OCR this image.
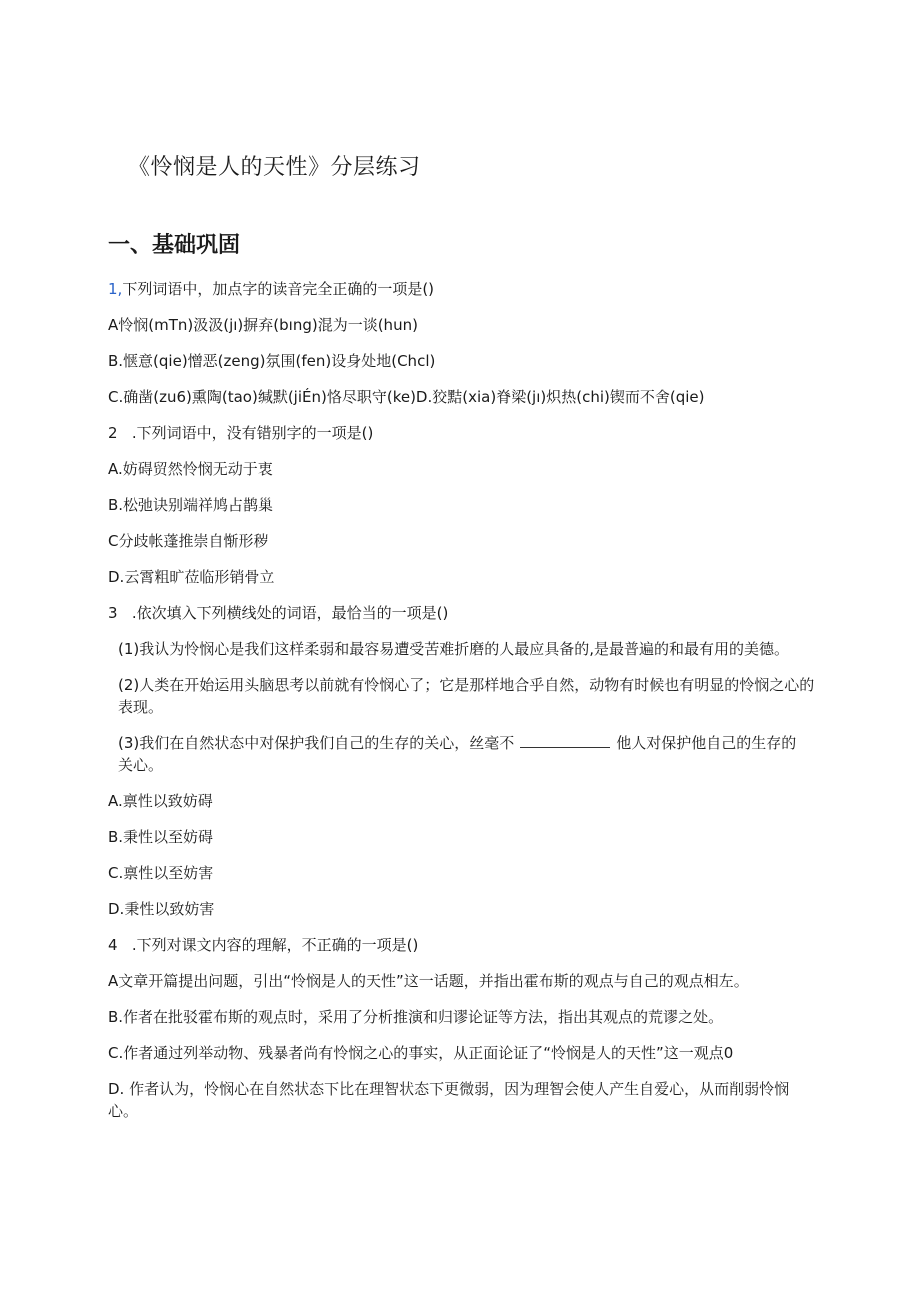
《怜悯是人的天性》分层练习
一、基础巩固

1,下列词语中，加点字的读音完全正确的一项是()

A怜悯(mTn)汲汲(jı)摒弃(bıng)混为一谈(hun)

B.惬意(qie)憎恶(zeng)氛围(fen)设身处地(Chcl)

C.确凿(zu6)熏陶(tao)缄默(jiÉn)恪尽职守(ke)D.狡黠(xia)脊梁(jı)炽热(chi)锲而不舍(qie)

2 .下列词语中，没有错别字的一项是()

A.妨碍贸然怜悯无动于衷

B.松弛诀别端祥鸠占鹊巢

C分歧帐蓬推崇自惭形秽

D.云霄粗旷莅临形销骨立

3 .依次填入下列横线处的词语，最恰当的一项是()

(1)我认为怜悯心是我们这样柔弱和最容易遭受苦难折磨的人最应具备的,是最普遍的和最有用的美德。

(2)人类在开始运用头脑思考以前就有怜悯心了；它是那样地合乎自然，动物有时候也有明显的怜悯之心的表现。

(3)我们在自然状态中对保护我们自己的生存的关心，丝毫不	他人对保护他自己的生存的关心。

A.禀性以致妨碍

B.秉性以至妨碍

C.禀性以至妨害

D.秉性以致妨害

4 .下列对课文内容的理解，不正确的一项是()

A文章开篇提出问题，引出“怜悯是人的天性”这一话题，并指出霍布斯的观点与自己的观点相左。

B.作者在批驳霍布斯的观点时，采用了分析推演和归谬论证等方法，指出其观点的荒谬之处。

C.作者通过列举动物、残暴者尚有怜悯之心的事实，从正面论证了“怜悯是人的天性”这一观点0

D. 作者认为，怜悯心在自然状态下比在理智状态下更微弱，因为理智会使人产生自爱心，从而削弱怜悯心。
